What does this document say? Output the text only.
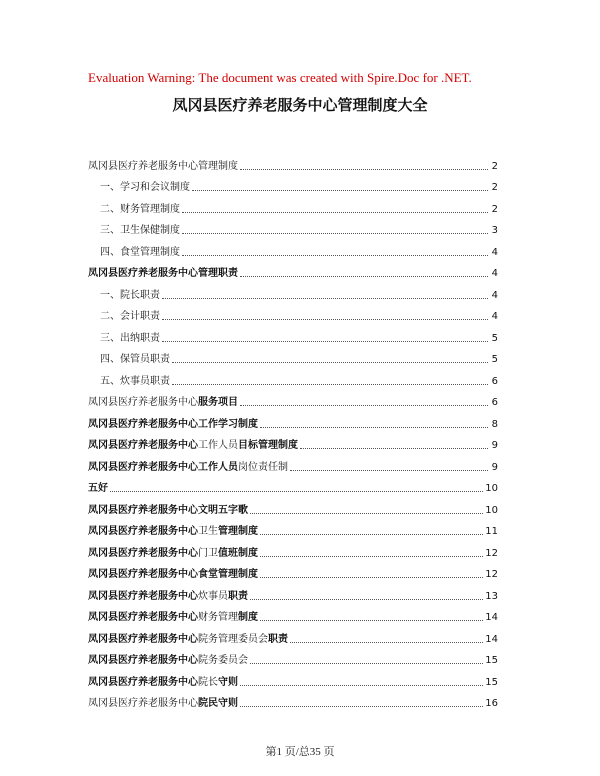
Evaluation Warning: The document was created with Spire.Doc for .NET.
凤冈县医疗养老服务中心管理制度大全
凤冈县医疗养老服务中心管理制度	2
一、学习和会议制度	2
二、财务管理制度	2
三、卫生保健制度	3
四、食堂管理制度	4
凤冈县医疗养老服务中心管理职责	4
一、院长职责	4
二、会计职责	4
三、出纳职责	5
四、保管员职责	5
五、炊事员职责	6
凤冈县医疗养老服务中心服务项目	6
凤冈县医疗养老服务中心工作学习制度	8
凤冈县医疗养老服务中心工作人员目标管理制度	9
凤冈县医疗养老服务中心工作人员岗位责任制	9
五好	10
凤冈县医疗养老服务中心文明五字歌	10
凤冈县医疗养老服务中心卫生管理制度	11
凤冈县医疗养老服务中心门卫值班制度	12
凤冈县医疗养老服务中心食堂管理制度	12
凤冈县医疗养老服务中心炊事员职责	13
凤冈县医疗养老服务中心财务管理制度	14
凤冈县医疗养老服务中心院务管理委员会职责	14
凤冈县医疗养老服务中心院务委员会	15
凤冈县医疗养老服务中心院长守则	15
凤冈县医疗养老服务中心院民守则	16
第1 页/总35 页
